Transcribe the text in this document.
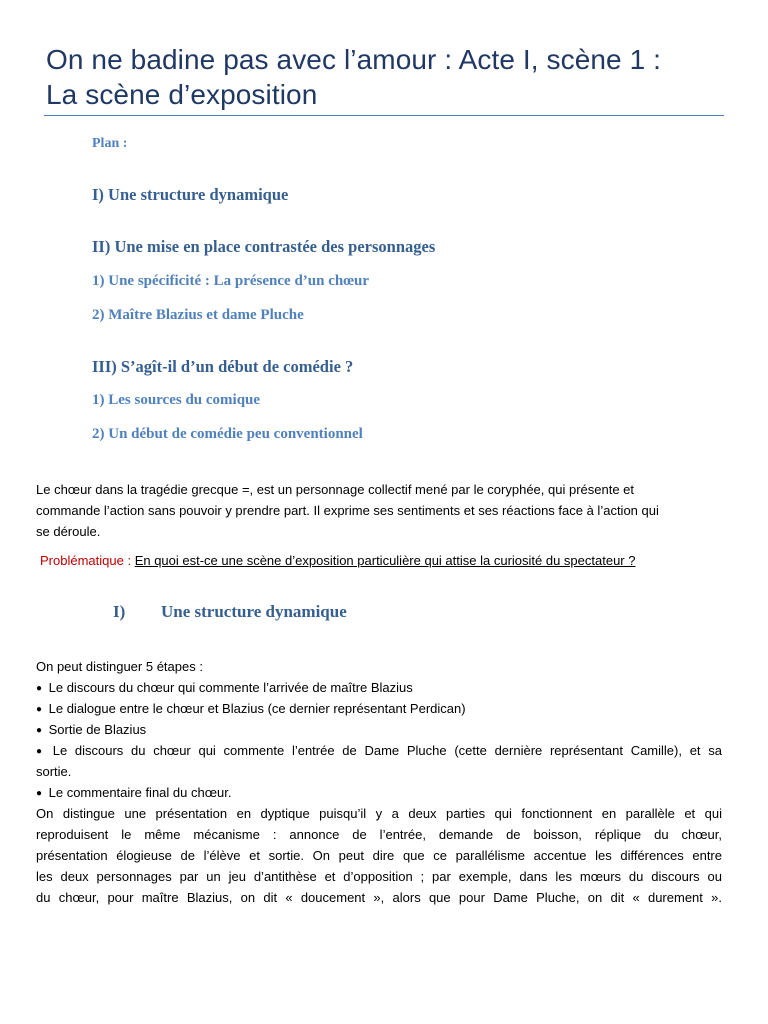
On ne badine pas avec l’amour : Acte I, scène 1 :
La scène d’exposition
Plan :
I) Une structure dynamique
II) Une mise en place contrastée des personnages
1) Une spécificité : La présence d’un chœur
2) Maître Blazius et dame Pluche
III) S’agît-il d’un début de comédie ?
1) Les sources du comique
2) Un début de comédie peu conventionnel
Le chœur dans la tragédie grecque =, est un personnage collectif mené par le coryphée, qui présente et
commande l’action sans pouvoir y prendre part. Il exprime ses sentiments et ses réactions face à l’action qui
se déroule.
Problématique : En quoi est-ce une scène d’exposition particulière qui attise la curiosité du spectateur ?
I) Une structure dynamique
On peut distinguer 5 étapes :
● Le discours du chœur qui commente l’arrivée de maître Blazius
● Le dialogue entre le chœur et Blazius (ce dernier représentant Perdican)
● Sortie de Blazius
● Le discours du chœur qui commente l’entrée de Dame Pluche (cette dernière représentant Camille), et sa
sortie.
● Le commentaire final du chœur.
On distingue une présentation en dyptique puisqu’il y a deux parties qui fonctionnent en parallèle et qui
reproduisent le même mécanisme : annonce de l’entrée, demande de boisson, réplique du chœur,
présentation élogieuse de l’élève et sortie. On peut dire que ce parallélisme accentue les différences entre
les deux personnages par un jeu d’antithèse et d’opposition ; par exemple, dans les mœurs du discours ou
du chœur, pour maître Blazius, on dit « doucement », alors que pour Dame Pluche, on dit « durement ».
